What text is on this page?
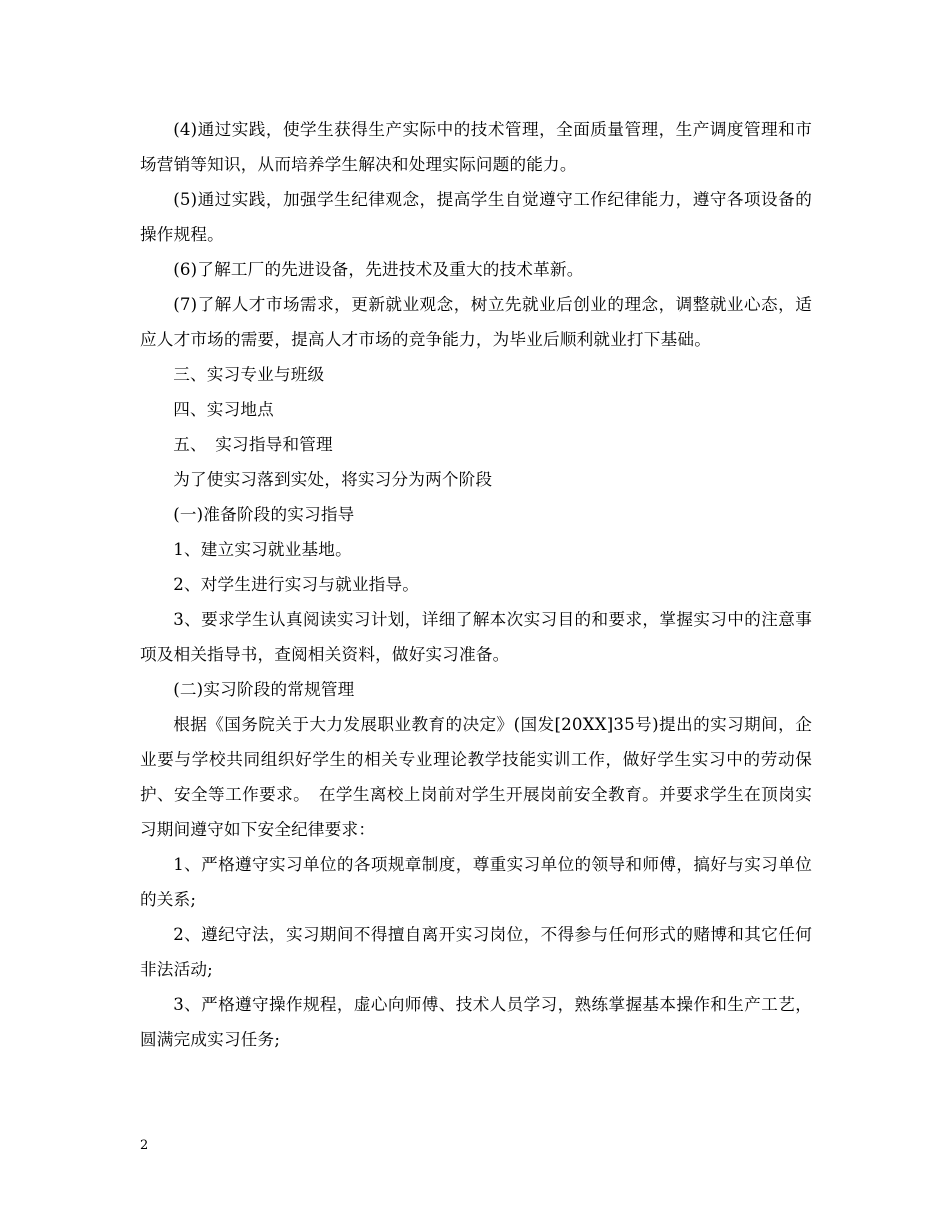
(4)通过实践，使学生获得生产实际中的技术管理，全面质量管理，生产调度管理和市场营销等知识，从而培养学生解决和处理实际问题的能力。

(5)通过实践，加强学生纪律观念，提高学生自觉遵守工作纪律能力，遵守各项设备的操作规程。

(6)了解工厂的先进设备，先进技术及重大的技术革新。

(7)了解人才市场需求，更新就业观念，树立先就业后创业的理念，调整就业心态，适应人才市场的需要，提高人才市场的竞争能力，为毕业后顺利就业打下基础。

三、实习专业与班级

四、实习地点

五、　实习指导和管理

为了使实习落到实处，将实习分为两个阶段

(一)准备阶段的实习指导

1、建立实习就业基地。

2、对学生进行实习与就业指导。

3、要求学生认真阅读实习计划，详细了解本次实习目的和要求，掌握实习中的注意事项及相关指导书，查阅相关资料，做好实习准备。

(二)实习阶段的常规管理

根据《国务院关于大力发展职业教育的决定》(国发[20XX]35号)提出的实习期间，企业要与学校共同组织好学生的相关专业理论教学技能实训工作，做好学生实习中的劳动保护、安全等工作要求。　在学生离校上岗前对学生开展岗前安全教育。并要求学生在顶岗实习期间遵守如下安全纪律要求：

1、严格遵守实习单位的各项规章制度，尊重实习单位的领导和师傅，搞好与实习单位的关系;

2、遵纪守法，实习期间不得擅自离开实习岗位，不得参与任何形式的赌博和其它任何非法活动;

3、严格遵守操作规程，虚心向师傅、技术人员学习，熟练掌握基本操作和生产工艺，圆满完成实习任务;

2
